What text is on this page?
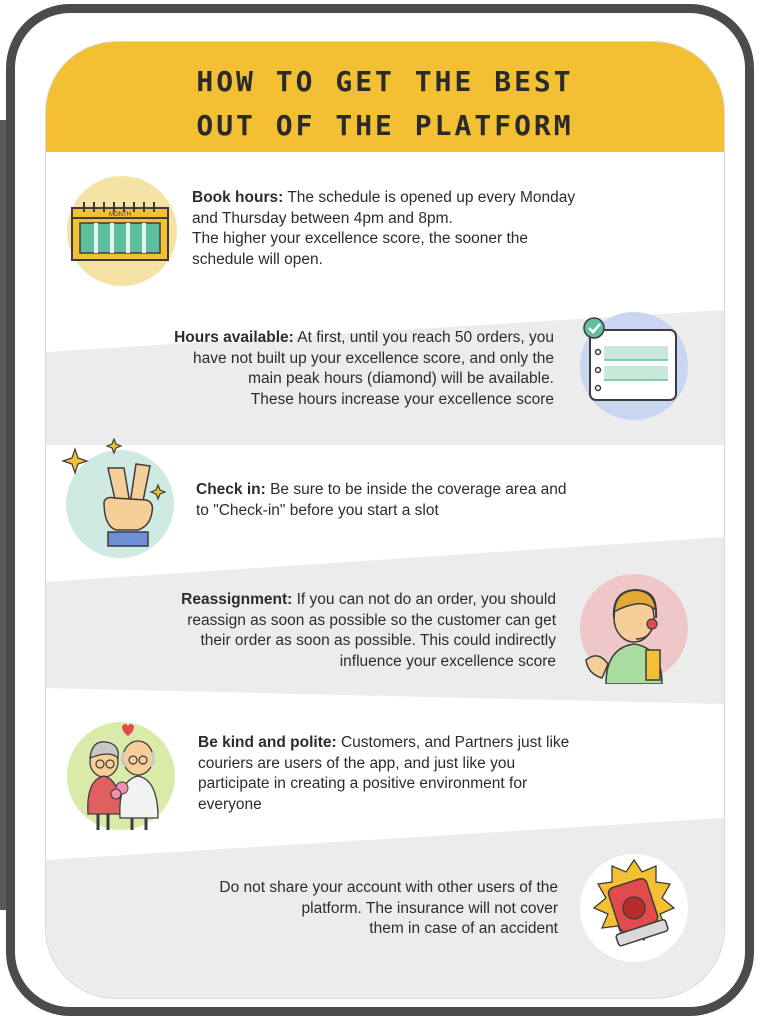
HOW TO GET THE BEST
OUT OF THE PLATFORM
MONTH
Book hours: The schedule is opened up every Monday
and Thursday between 4pm and 8pm.
The higher your excellence score, the sooner the
schedule will open.
Hours available: At first, until you reach 50 orders, you
have not built up your excellence score, and only the
main peak hours (diamond) will be available.
These hours increase your excellence score
Check in: Be sure to be inside the coverage area and
to "Check-in" before you start a slot
Reassignment: If you can not do an order, you should
reassign as soon as possible so the customer can get
their order as soon as possible. This could indirectly
influence your excellence score
Be kind and polite: Customers, and Partners just like
couriers are users of the app, and just like you
participate in creating a positive environment for
everyone
Do not share your account with other users of the
platform. The insurance will not cover
them in case of an accident
